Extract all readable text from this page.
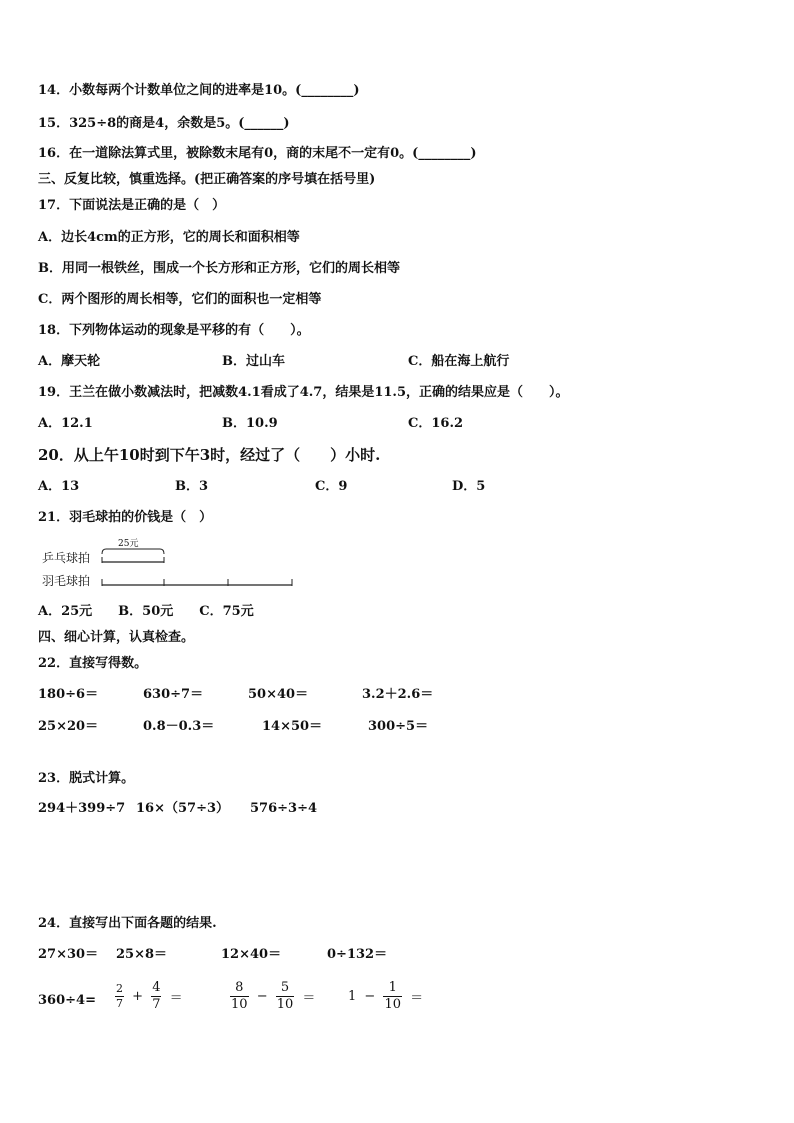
14．小数每两个计数单位之间的进率是10。(________)
15．325÷8的商是4，余数是5。(______)
16．在一道除法算式里，被除数末尾有0，商的末尾不一定有0。(________)
三、反复比较，慎重选择。(把正确答案的序号填在括号里)
17．下面说法是正确的是（　）
A．边长4cm的正方形，它的周长和面积相等
B．用同一根铁丝，围成一个长方形和正方形，它们的周长相等
C．两个图形的周长相等，它们的面积也一定相等
18．下列物体运动的现象是平移的有（　　）。
A．摩天轮	B．过山车	C．船在海上航行
19．王兰在做小数减法时，把减数4.1看成了4.7，结果是11.5，正确的结果应是（　　）。
A．12.1	B．10.9	C．16.2
20．从上午10时到下午3时，经过了（　　）小时.
A．13	B．3	C．9	D．5
21．羽毛球拍的价钱是（　）
25元
乒乓球拍
羽毛球拍
A．25元　　B．50元　　C．75元
四、细心计算，认真检查。
22．直接写得数。
180÷6＝	630÷7＝	50×40＝	3.2＋2.6＝
25×20＝	0.8－0.3＝	14×50＝	300÷5＝
23．脱式计算。
294＋399÷7 16×（57÷3） 576÷3÷4
24．直接写出下面各题的结果.
27×30＝ 25×8＝	12×40＝	0÷132＝
$360\div 4= \frac{2}{7} + \frac{4}{7}$ ＝	$\frac{8}{10} - \frac{5}{10}$ ＝	$1 - \frac{1}{10}$ ＝
